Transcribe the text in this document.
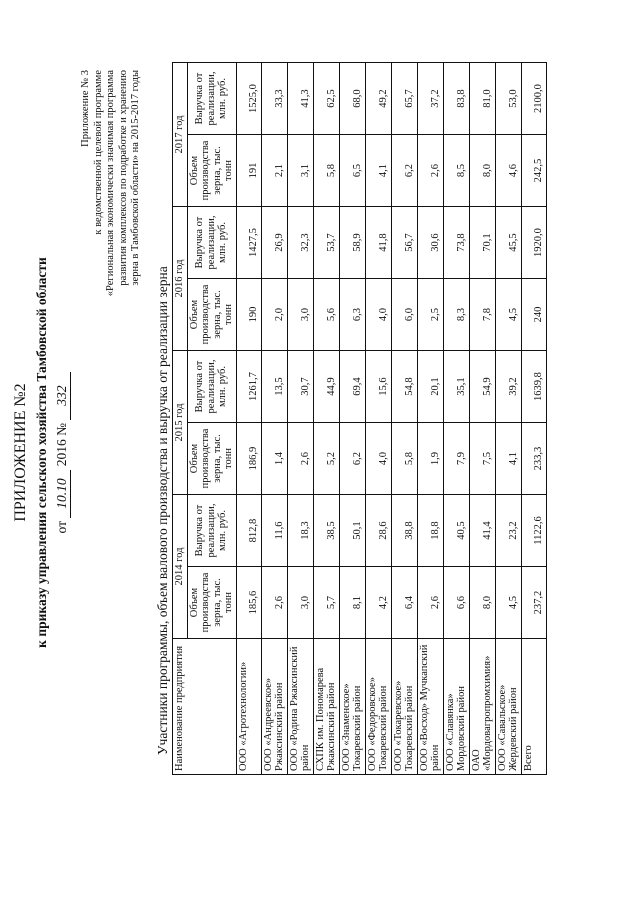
ПРИЛОЖЕНИЕ №2 к приказу управления сельского хозяйства Тамбовской области от 10.10 2016 № 332
Приложение № 3 к ведомственной целевой программе «Региональная экономически значимая программа развития комплексов по подработке и хранению зерна в Тамбовской области» на 2015-2017 годы
Участники программы, объем валового производства и выручка от реализации зерна Наименование предприятия	2014 год		2015 год		2016 год		2017 год	
	Объем производства зерна, тыс. тонн	Выручка от реализации, млн. руб.	Объем производства зерна, тыс. тонн	Выручка от реализации, млн. руб.	Объем производства зерна, тыс. тонн	Выручка от реализации, млн. руб.	Объем производства зерна, тыс. тонн	Выручка от реализации, млн. руб.
ООО «Агротехнологии»	185,6	812,8	186,9	1261,7	190	1427,5	191	1525,0
ООО «Андреевское» Ржаксинский район	2,6	11,6	1,4	13,5	2,0	26,9	2,1	33,3
ООО «Родина Ржаксинский район	3,0	18,3	2,6	30,7	3,0	32,3	3,1	41,3
СХПК им. Пономарева Ржаксинский район	5,7	38,5	5,2	44,9	5,6	53,7	5,8	62,5
ООО «Знаменское» Токаревский район	8,1	50,1	6,2	69,4	6,3	58,9	6,5	68,0
ООО «Федоровское» Токаревский район	4,2	28,6	4,0	15,6	4,0	41,8	4,1	49,2
ООО «Токаревское» Токаревский район	6,4	38,8	5,8	54,8	6,0	56,7	6,2	65,7
ООО «Восход» Мучкапский район	2,6	18,8	1,9	20,1	2,5	30,6	2,6	37,2
ООО «Славянка» Мордовский район	6,6	40,5	7,9	35,1	8,3	73,8	8,5	83,8
ОАО «Мордовагропромхимия»	8,0	41,4	7,5	54,9	7,8	70,1	8,0	81,0
ООО «Савальское» Жердевский район	4,5	23,2	4,1	39,2	4,5	45,5	4,6	53,0
Всего	237,2	1122,6	233,3	1639,8	240	1920,0	242,5	2100,0
